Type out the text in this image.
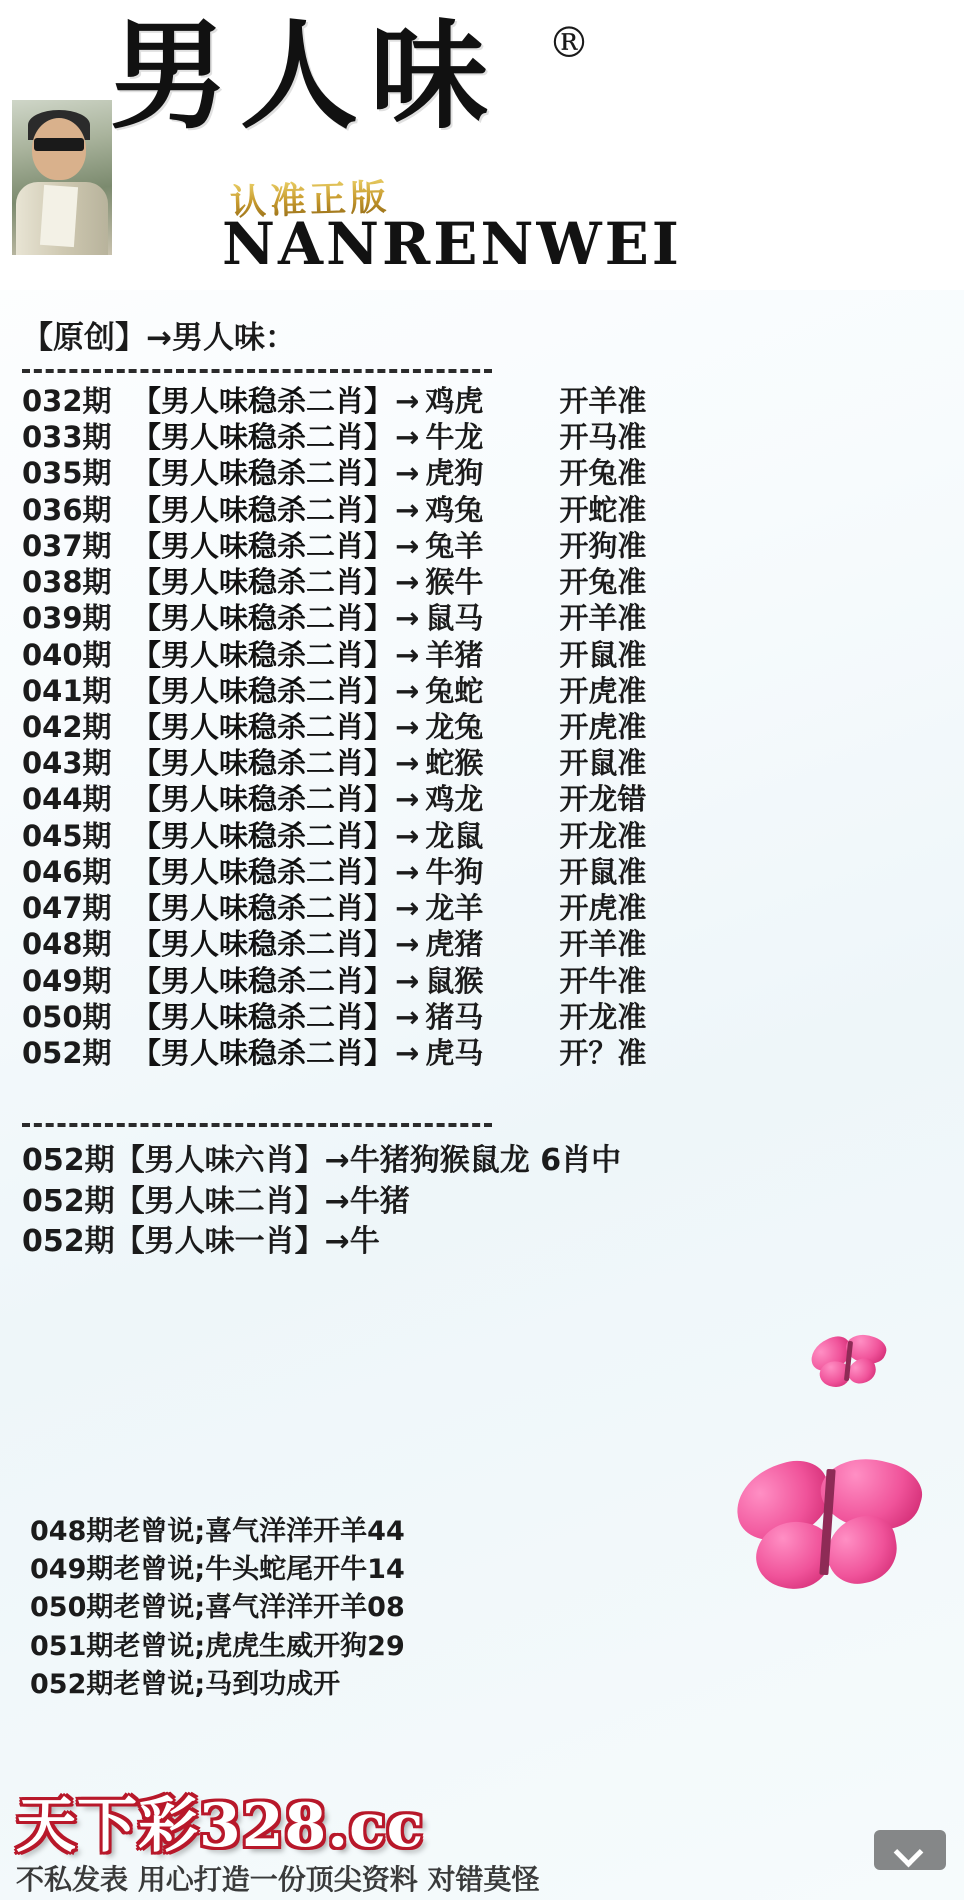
男人味	®
认准正版
NANRENWEI
【原创】→男人味：
032期 【男人味稳杀二肖】 → 鸡虎	开羊准
033期 【男人味稳杀二肖】 → 牛龙	开马准
035期 【男人味稳杀二肖】 → 虎狗	开兔准
036期 【男人味稳杀二肖】 → 鸡兔	开蛇准
037期 【男人味稳杀二肖】 → 兔羊	开狗准
038期 【男人味稳杀二肖】 → 猴牛	开兔准
039期 【男人味稳杀二肖】 → 鼠马	开羊准
040期 【男人味稳杀二肖】 → 羊猪	开鼠准
041期 【男人味稳杀二肖】 → 兔蛇	开虎准
042期 【男人味稳杀二肖】 → 龙兔	开虎准
043期 【男人味稳杀二肖】 → 蛇猴	开鼠准
044期 【男人味稳杀二肖】 → 鸡龙	开龙错
045期 【男人味稳杀二肖】 → 龙鼠	开龙准
046期 【男人味稳杀二肖】 → 牛狗	开鼠准
047期 【男人味稳杀二肖】 → 龙羊	开虎准
048期 【男人味稳杀二肖】 → 虎猪	开羊准
049期 【男人味稳杀二肖】 → 鼠猴	开牛准
050期 【男人味稳杀二肖】 → 猪马	开龙准
052期 【男人味稳杀二肖】 → 虎马	开？准
052期【男人味六肖】→牛猪狗猴鼠龙 6肖中
052期【男人味二肖】→牛猪
052期【男人味一肖】→牛
048期老曾说;喜气洋洋开羊44
049期老曾说;牛头蛇尾开牛14
050期老曾说;喜气洋洋开羊08
051期老曾说;虎虎生威开狗29
052期老曾说;马到功成开
天下彩328.cc
不私发表 用心打造一份顶尖资料 对错莫怪
